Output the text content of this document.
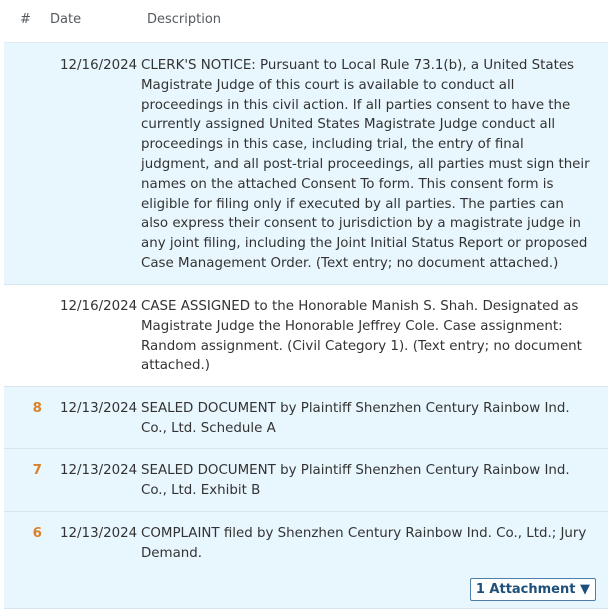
# Date	Description
12/16/2024 CLERK'S NOTICE: Pursuant to Local Rule 73.1(b), a United States Magistrate Judge of this court is available to conduct all proceedings in this civil action. If all parties consent to have the currently assigned United States Magistrate Judge conduct all proceedings in this case, including trial, the entry of final judgment, and all post-trial proceedings, all parties must sign their names on the attached Consent To form. This consent form is eligible for filing only if executed by all parties. The parties can also express their consent to jurisdiction by a magistrate judge in any joint filing, including the Joint Initial Status Report or proposed Case Management Order. (Text entry; no document attached.)
12/16/2024 CASE ASSIGNED to the Honorable Manish S. Shah. Designated as Magistrate Judge the Honorable Jeffrey Cole. Case assignment: Random assignment. (Civil Category 1). (Text entry; no document attached.)
8 12/13/2024 SEALED DOCUMENT by Plaintiff Shenzhen Century Rainbow Ind. Co., Ltd. Schedule A
7 12/13/2024 SEALED DOCUMENT by Plaintiff Shenzhen Century Rainbow Ind. Co., Ltd. Exhibit B
6 12/13/2024 COMPLAINT filed by Shenzhen Century Rainbow Ind. Co., Ltd.; Jury Demand.
1 Attachment ▼
